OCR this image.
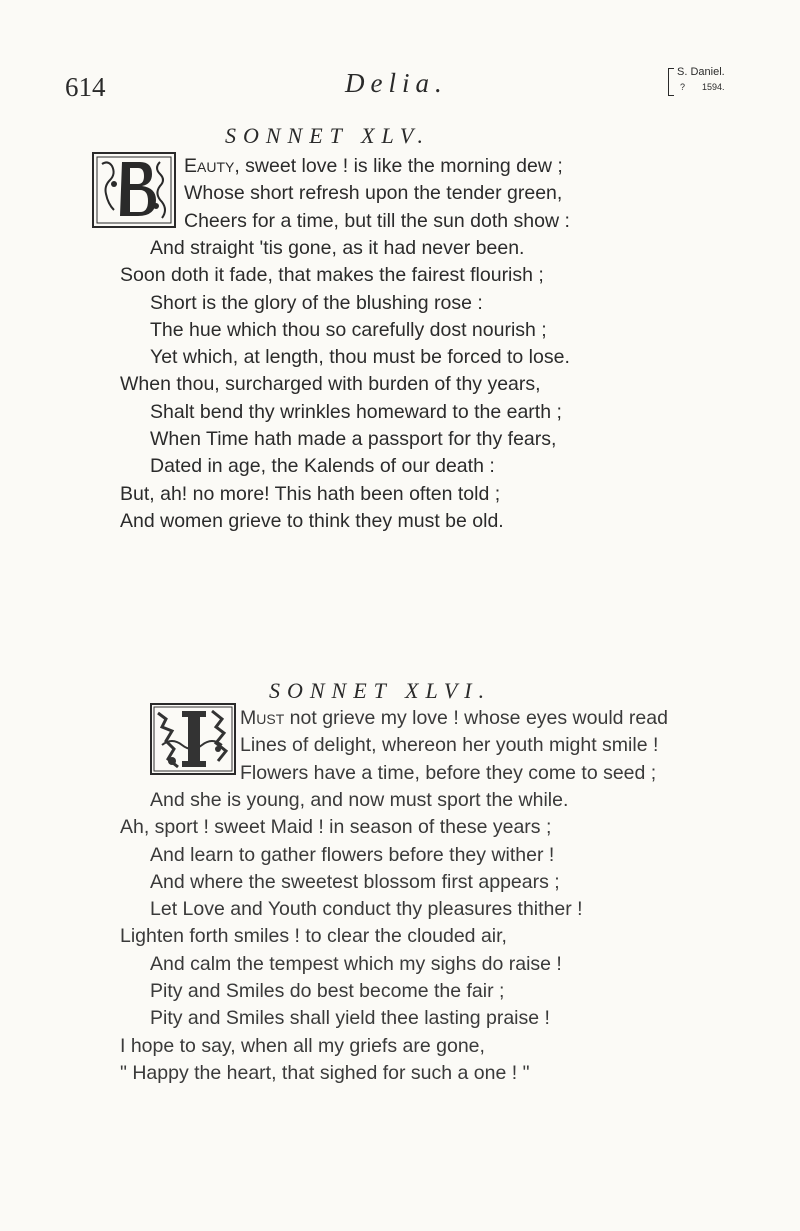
614	Delia.	S. Daniel.
? 1594.
SONNET XLV.
Eauty, sweet love ! is like the morning dew ;
Whose short refresh upon the tender green,
Cheers for a time, but till the sun doth show :
And straight 'tis gone, as it had never been.
Soon doth it fade, that makes the fairest flourish ;
Short is the glory of the blushing rose :
The hue which thou so carefully dost nourish ;
Yet which, at length, thou must be forced to lose.
When thou, surcharged with burden of thy years,
Shalt bend thy wrinkles homeward to the earth ;
When Time hath made a passport for thy fears,
Dated in age, the Kalends of our death :
But, ah! no more! This hath been often told ;
And women grieve to think they must be old.
SONNET XLVI.
Must not grieve my love ! whose eyes would read
Lines of delight, whereon her youth might smile !
Flowers have a time, before they come to seed ;
And she is young, and now must sport the while.
Ah, sport ! sweet Maid ! in season of these years ;
And learn to gather flowers before they wither !
And where the sweetest blossom first appears ;
Let Love and Youth conduct thy pleasures thither !
Lighten forth smiles ! to clear the clouded air,
And calm the tempest which my sighs do raise !
Pity and Smiles do best become the fair ;
Pity and Smiles shall yield thee lasting praise !
I hope to say, when all my griefs are gone,
" Happy the heart, that sighed for such a one ! "
